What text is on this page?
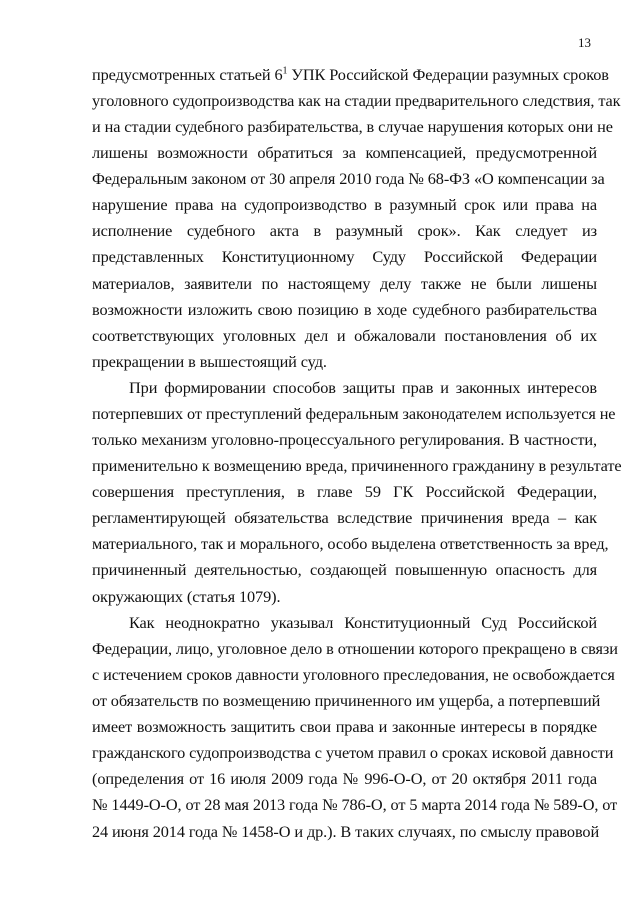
13
предусмотренных статьей $6^1$ УПК Российской Федерации разумных сроков
уголовного судопроизводства как на стадии предварительного следствия, так
и на стадии судебного разбирательства, в случае нарушения которых они не
лишены возможности обратиться за компенсацией, предусмотренной
Федеральным законом от 30 апреля 2010 года № 68-ФЗ «О компенсации за
нарушение права на судопроизводство в разумный срок или права на
исполнение судебного акта в разумный срок». Как следует из
представленных Конституционному Суду Российской Федерации
материалов, заявители по настоящему делу также не были лишены
возможности изложить свою позицию в ходе судебного разбирательства
соответствующих уголовных дел и обжаловали постановления об их
прекращении в вышестоящий суд.
При формировании способов защиты прав и законных интересов
потерпевших от преступлений федеральным законодателем используется не
только механизм уголовно-процессуального регулирования. В частности,
применительно к возмещению вреда, причиненного гражданину в результате
совершения преступления, в главе 59 ГК Российской Федерации,
регламентирующей обязательства вследствие причинения вреда – как
материального, так и морального, особо выделена ответственность за вред,
причиненный деятельностью, создающей повышенную опасность для
окружающих (статья 1079).
Как неоднократно указывал Конституционный Суд Российской
Федерации, лицо, уголовное дело в отношении которого прекращено в связи
с истечением сроков давности уголовного преследования, не освобождается
от обязательств по возмещению причиненного им ущерба, а потерпевший
имеет возможность защитить свои права и законные интересы в порядке
гражданского судопроизводства с учетом правил о сроках исковой давности
(определения от 16 июля 2009 года № 996-О-О, от 20 октября 2011 года
№ 1449-О-О, от 28 мая 2013 года № 786-О, от 5 марта 2014 года № 589-О, от
24 июня 2014 года № 1458-О и др.). В таких случаях, по смыслу правовой
